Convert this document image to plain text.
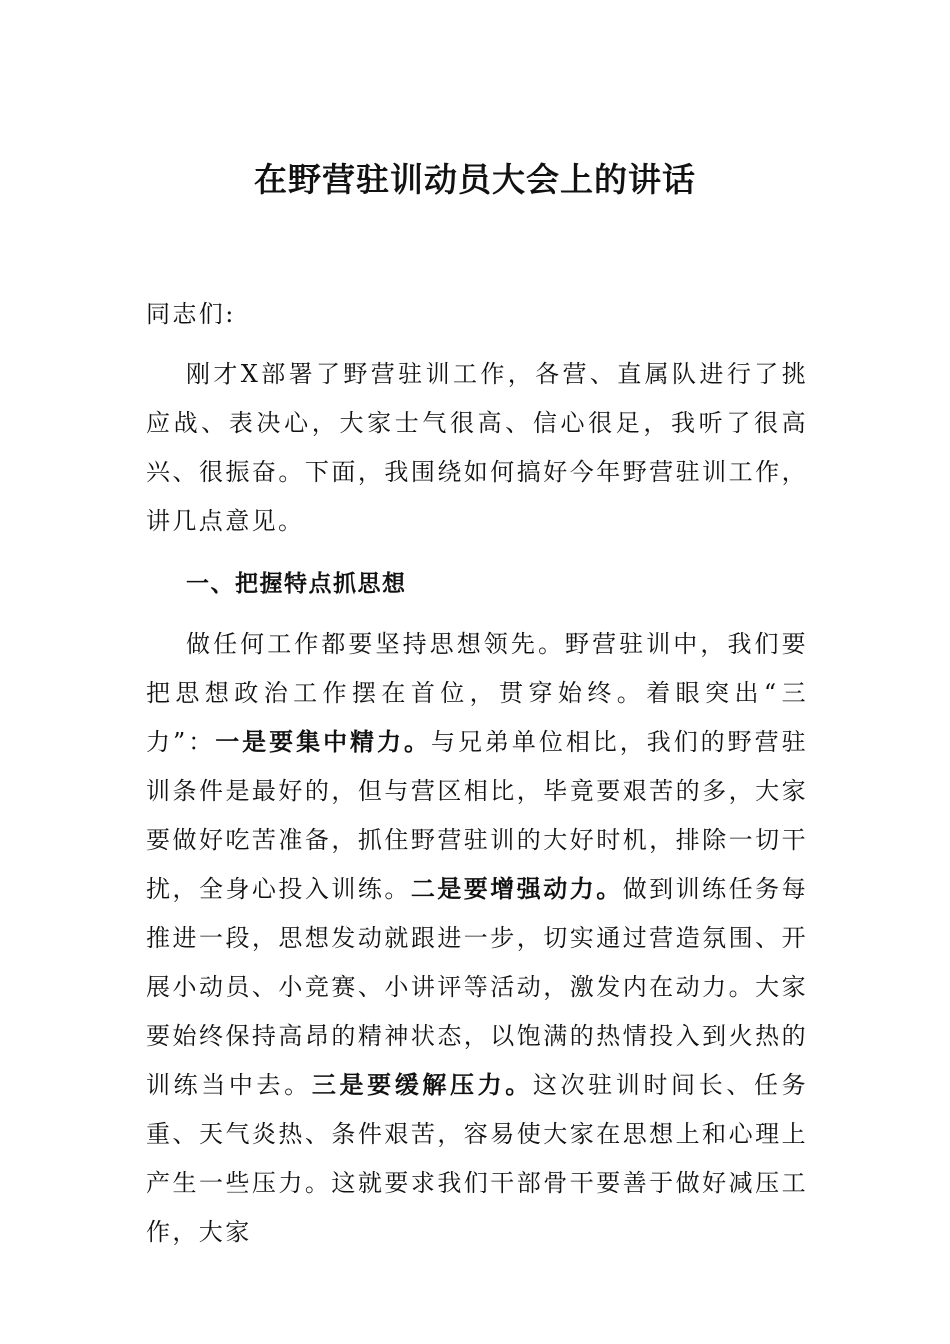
在野营驻训动员大会上的讲话

同志们:

刚才X部署了野营驻训工作，各营、直属队进行了挑应战、表决心，大家士气很高、信心很足，我听了很高兴、很振奋。下面，我围绕如何搞好今年野营驻训工作，讲几点意见。

一、把握特点抓思想

做任何工作都要坚持思想领先。野营驻训中，我们要把思想政治工作摆在首位，贯穿始终。着眼突出“三力”：一是要集中精力。与兄弟单位相比，我们的野营驻训条件是最好的，但与营区相比，毕竟要艰苦的多，大家要做好吃苦准备，抓住野营驻训的大好时机，排除一切干扰，全身心投入训练。二是要增强动力。做到训练任务每推进一段，思想发动就跟进一步，切实通过营造氛围、开展小动员、小竞赛、小讲评等活动，激发内在动力。大家要始终保持高昂的精神状态，以饱满的热情投入到火热的训练当中去。三是要缓解压力。这次驻训时间长、任务重、天气炎热、条件艰苦，容易使大家在思想上和心理上产生一些压力。这就要求我们干部骨干要善于做好减压工作，大家
